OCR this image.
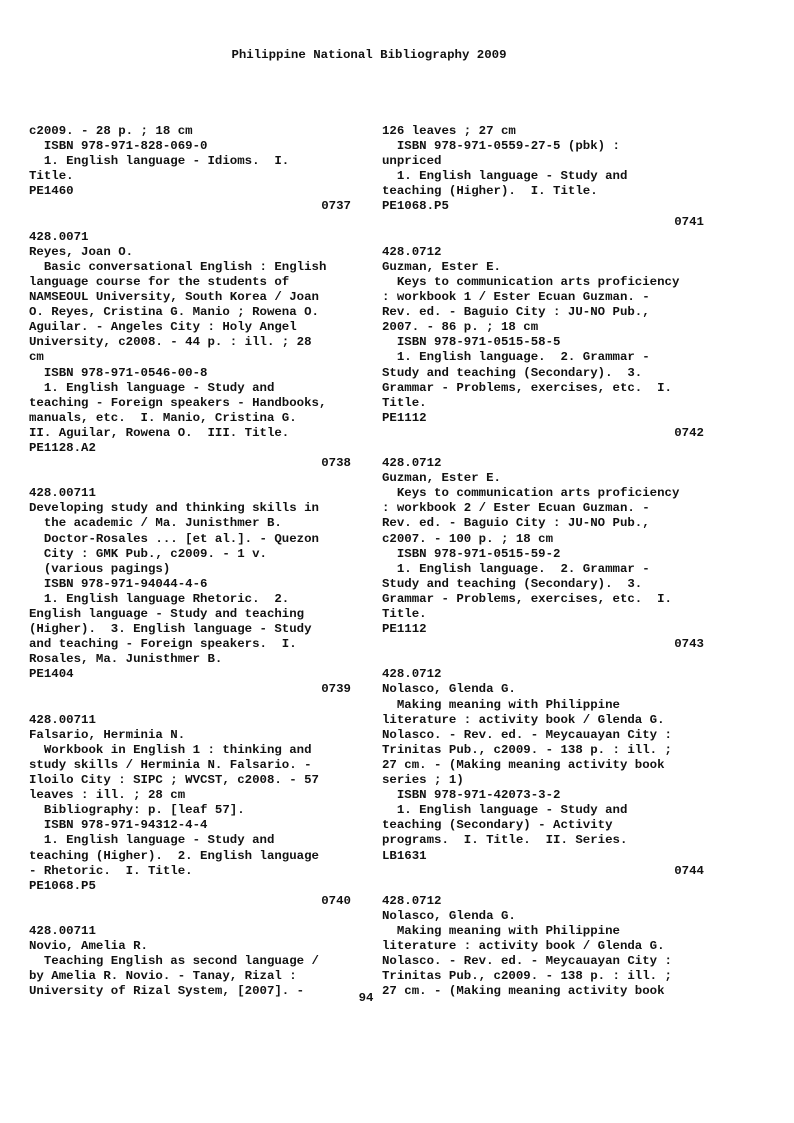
Philippine National Bibliography 2009
c2009. - 28 p. ; 18 cm
ISBN 978-971-828-069-0
1. English language - Idioms.  I.
Title.
PE1460
0737
428.0071
Reyes, Joan O.
Basic conversational English : English
language course for the students of
NAMSEOUL University, South Korea / Joan
O. Reyes, Cristina G. Manio ; Rowena O.
Aguilar. - Angeles City : Holy Angel
University, c2008. - 44 p. : ill. ; 28
cm
ISBN 978-971-0546-00-8
1. English language - Study and
teaching - Foreign speakers - Handbooks,
manuals, etc.  I. Manio, Cristina G.
II. Aguilar, Rowena O.  III. Title.
PE1128.A2
0738
428.00711
Developing study and thinking skills in
the academic / Ma. Junisthmer B.
Doctor-Rosales ... [et al.]. - Quezon
City : GMK Pub., c2009. - 1 v.
(various pagings)
ISBN 978-971-94044-4-6
1. English language Rhetoric.  2.
English language - Study and teaching
(Higher).  3. English language - Study
and teaching - Foreign speakers.  I.
Rosales, Ma. Junisthmer B.
PE1404
0739
428.00711
Falsario, Herminia N.
Workbook in English 1 : thinking and
study skills / Herminia N. Falsario. -
Iloilo City : SIPC ; WVCST, c2008. - 57
leaves : ill. ; 28 cm
Bibliography: p. [leaf 57].
ISBN 978-971-94312-4-4
1. English language - Study and
teaching (Higher).  2. English language
- Rhetoric.  I. Title.
PE1068.P5
0740
428.00711
Novio, Amelia R.
Teaching English as second language /
by Amelia R. Novio. - Tanay, Rizal :
University of Rizal System, [2007]. -
126 leaves ; 27 cm
ISBN 978-971-0559-27-5 (pbk) :
unpriced
1. English language - Study and
teaching (Higher).  I. Title.
PE1068.P5
0741
428.0712
Guzman, Ester E.
Keys to communication arts proficiency
: workbook 1 / Ester Ecuan Guzman. -
Rev. ed. - Baguio City : JU-NO Pub.,
2007. - 86 p. ; 18 cm
ISBN 978-971-0515-58-5
1. English language.  2. Grammar -
Study and teaching (Secondary).  3.
Grammar - Problems, exercises, etc.  I.
Title.
PE1112
0742
428.0712
Guzman, Ester E.
Keys to communication arts proficiency
: workbook 2 / Ester Ecuan Guzman. -
Rev. ed. - Baguio City : JU-NO Pub.,
c2007. - 100 p. ; 18 cm
ISBN 978-971-0515-59-2
1. English language.  2. Grammar -
Study and teaching (Secondary).  3.
Grammar - Problems, exercises, etc.  I.
Title.
PE1112
0743
428.0712
Nolasco, Glenda G.
Making meaning with Philippine
literature : activity book / Glenda G.
Nolasco. - Rev. ed. - Meycauayan City :
Trinitas Pub., c2009. - 138 p. : ill. ;
27 cm. - (Making meaning activity book
series ; 1)
ISBN 978-971-42073-3-2
1. English language - Study and
teaching (Secondary) - Activity
programs.  I. Title.  II. Series.
LB1631
0744
428.0712
Nolasco, Glenda G.
Making meaning with Philippine
literature : activity book / Glenda G.
Nolasco. - Rev. ed. - Meycauayan City :
Trinitas Pub., c2009. - 138 p. : ill. ;
27 cm. - (Making meaning activity book
94
